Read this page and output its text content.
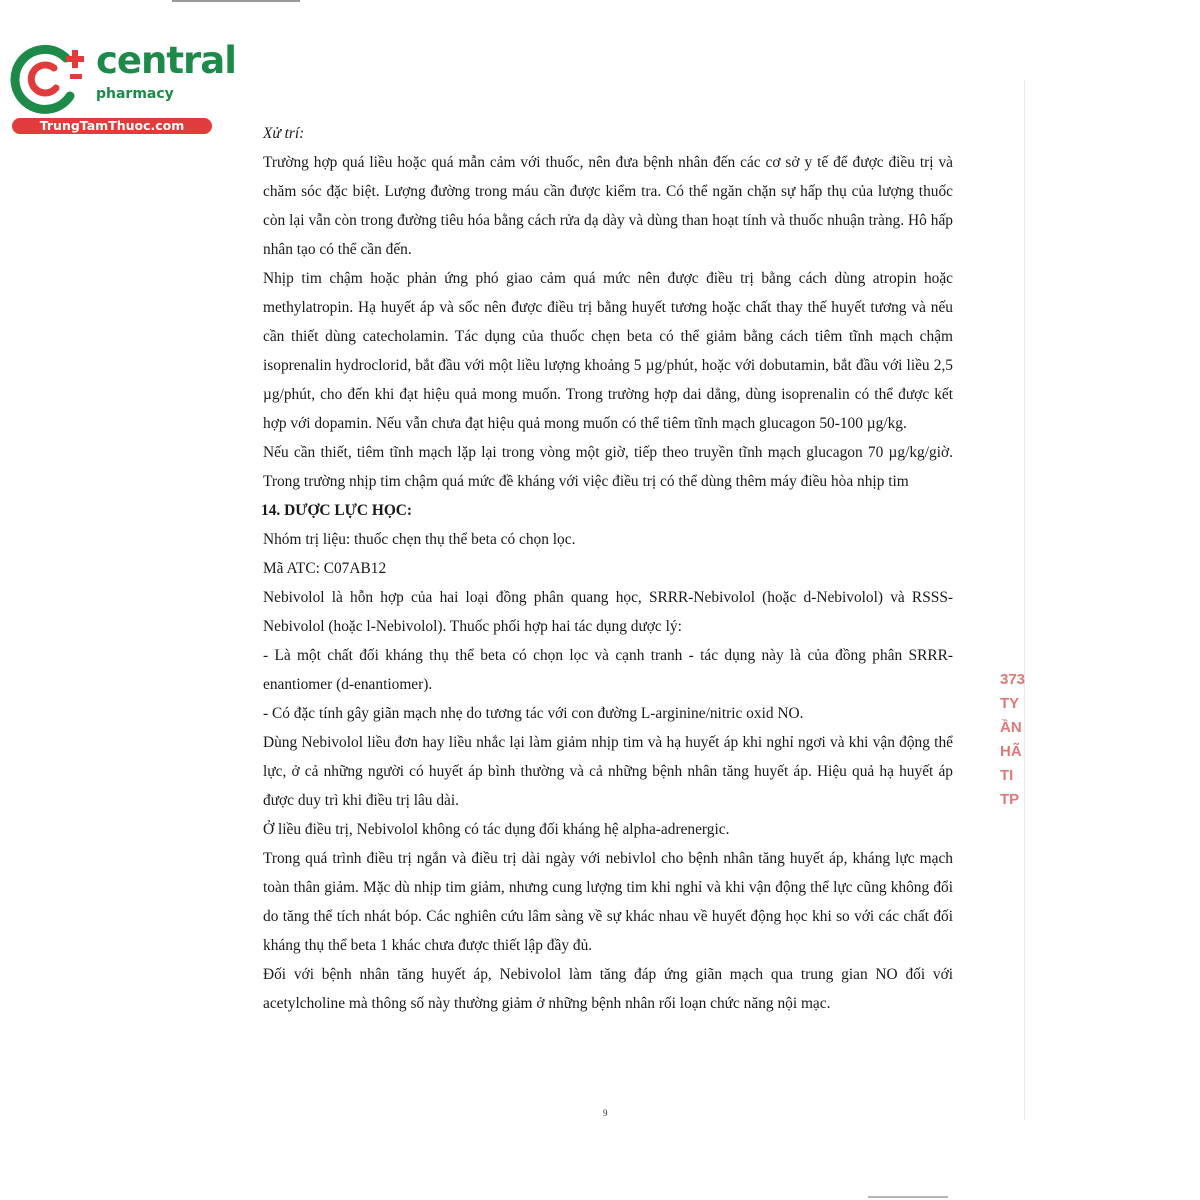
central
pharmacy
TrungTamThuoc.com	Xử trí:

Trường hợp quá liều hoặc quá mẫn cảm với thuốc, nên đưa bệnh nhân đến các cơ sở y tế để được điều trị và chăm sóc đặc biệt. Lượng đường trong máu cần được kiểm tra. Có thể ngăn chặn sự hấp thụ của lượng thuốc còn lại vẫn còn trong đường tiêu hóa bằng cách rửa dạ dày và dùng than hoạt tính và thuốc nhuận tràng. Hô hấp nhân tạo có thể cần đến.

Nhịp tim chậm hoặc phản ứng phó giao cảm quá mức nên được điều trị bằng cách dùng atropin hoặc methylatropin. Hạ huyết áp và sốc nên được điều trị bằng huyết tương hoặc chất thay thế huyết tương và nếu cần thiết dùng catecholamin. Tác dụng của thuốc chẹn beta có thể giảm bằng cách tiêm tĩnh mạch chậm isoprenalin hydroclorid, bắt đầu với một liều lượng khoảng 5 µg/phút, hoặc với dobutamin, bắt đầu với liều 2,5 µg/phút, cho đến khi đạt hiệu quả mong muốn. Trong trường hợp dai dẳng, dùng isoprenalin có thể được kết hợp với dopamin. Nếu vẫn chưa đạt hiệu quả mong muốn có thể tiêm tĩnh mạch glucagon 50-100 µg/kg.

Nếu cần thiết, tiêm tĩnh mạch lặp lại trong vòng một giờ, tiếp theo truyền tĩnh mạch glucagon 70 µg/kg/giờ. Trong trường nhịp tim chậm quá mức đề kháng với việc điều trị có thể dùng thêm máy điều hòa nhịp tim

14. DƯỢC LỰC HỌC:

Nhóm trị liệu: thuốc chẹn thụ thể beta có chọn lọc.

Mã ATC: C07AB12

Nebivolol là hỗn hợp của hai loại đồng phân quang học, SRRR-Nebivolol (hoặc d-Nebivolol) và RSSS-Nebivolol (hoặc l-Nebivolol). Thuốc phối hợp hai tác dụng dược lý:

- Là một chất đối kháng thụ thể beta có chọn lọc và cạnh tranh - tác dụng này là của đồng phân SRRR-enantiomer (d-enantiomer).

- Có đặc tính gây giãn mạch nhẹ do tương tác với con đường L-arginine/nitric oxid NO.

Dùng Nebivolol liều đơn hay liều nhắc lại làm giảm nhịp tim và hạ huyết áp khi nghỉ ngơi và khi vận động thể lực, ở cả những người có huyết áp bình thường và cả những bệnh nhân tăng huyết áp. Hiệu quả hạ huyết áp được duy trì khi điều trị lâu dài.

Ở liều điều trị, Nebivolol không có tác dụng đối kháng hệ alpha-adrenergic.

Trong quá trình điều trị ngắn và điều trị dài ngày với nebivlol cho bệnh nhân tăng huyết áp, kháng lực mạch toàn thân giảm. Mặc dù nhịp tim giảm, nhưng cung lượng tim khi nghỉ và khi vận động thể lực cũng không đổi do tăng thể tích nhát bóp. Các nghiên cứu lâm sàng về sự khác nhau về huyết động học khi so với các chất đối kháng thụ thể beta 1 khác chưa được thiết lập đầy đủ.

Đối với bệnh nhân tăng huyết áp, Nebivolol làm tăng đáp ứng giãn mạch qua trung gian NO đối với acetylcholine mà thông số này thường giảm ở những bệnh nhân rối loạn chức năng nội mạc.

9
373
TY
ẦN
HÃ
TI
TP
